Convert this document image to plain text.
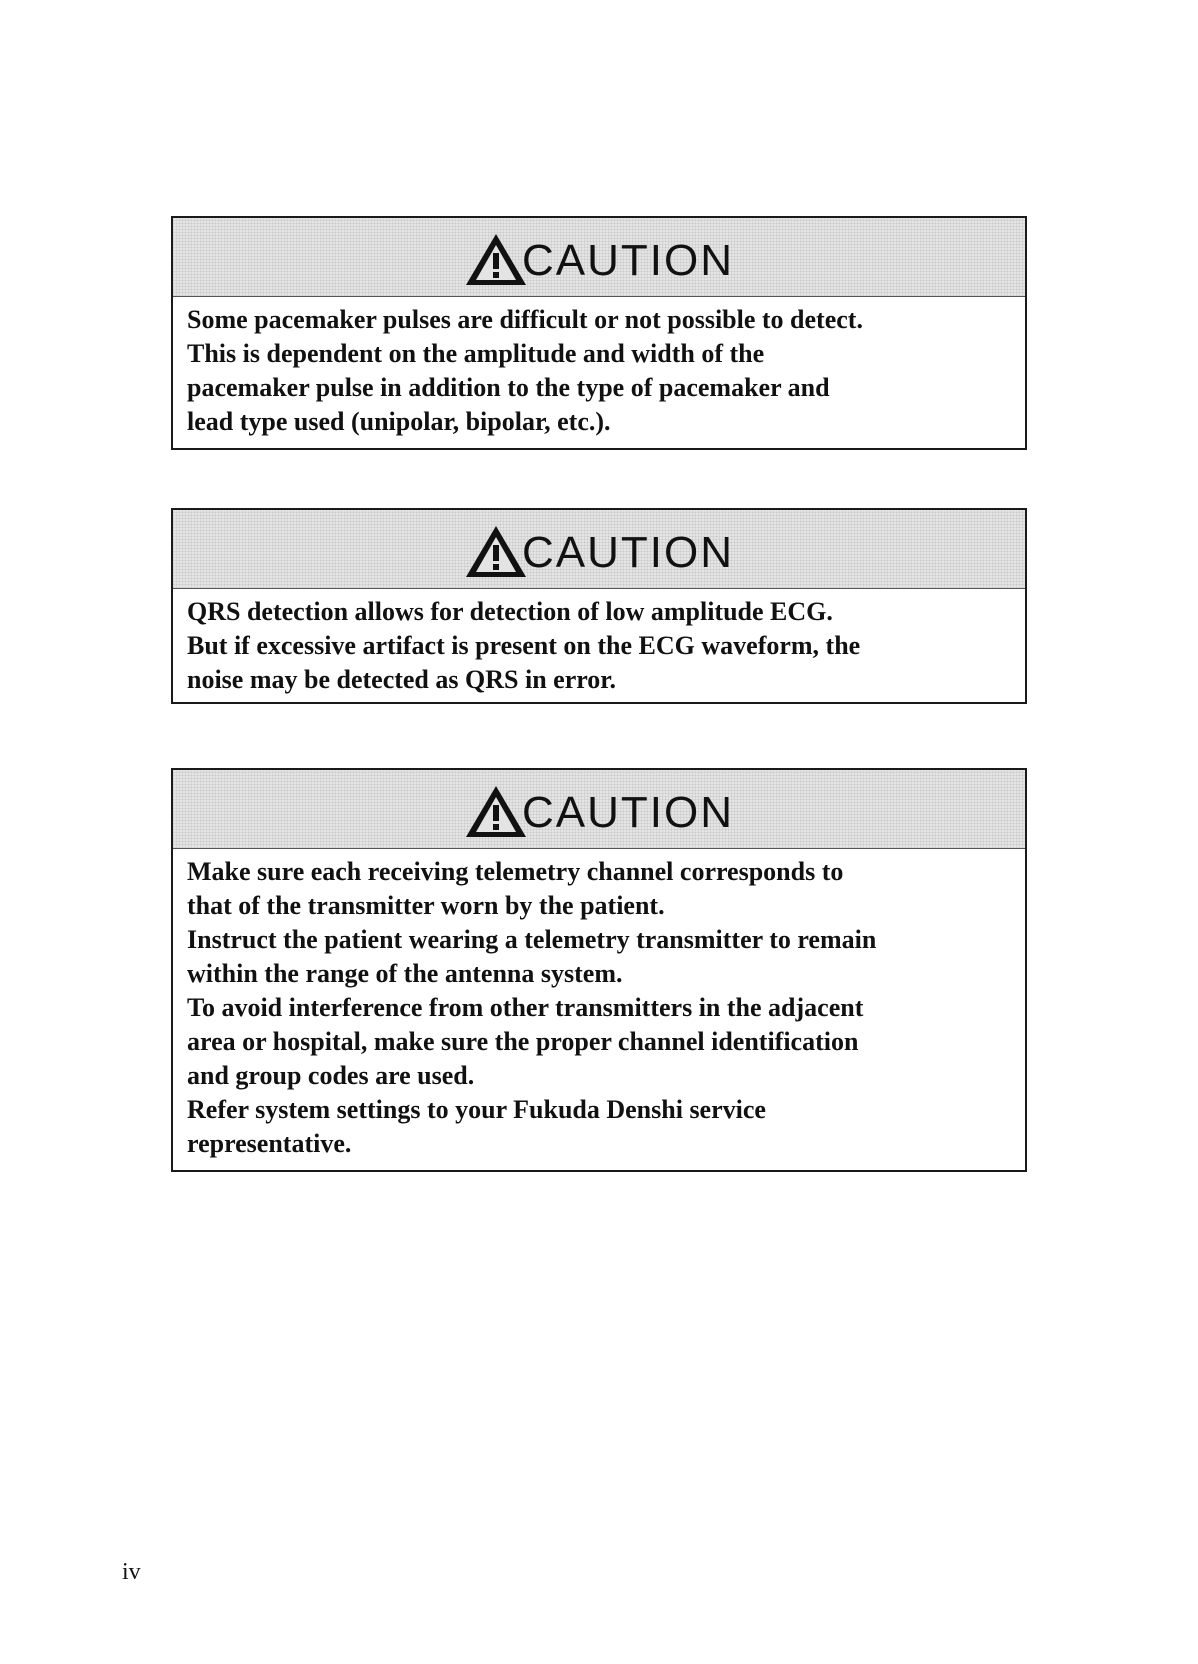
CAUTION
Some pacemaker pulses are difficult or not possible to detect.
This is dependent on the amplitude and width of the
pacemaker pulse in addition to the type of pacemaker and
lead type used (unipolar, bipolar, etc.).
CAUTION
QRS detection allows for detection of low amplitude ECG.
But if excessive artifact is present on the ECG waveform, the
noise may be detected as QRS in error.
CAUTION
Make sure each receiving telemetry channel corresponds to
that of the transmitter worn by the patient.
Instruct the patient wearing a telemetry transmitter to remain
within the range of the antenna system.
To avoid interference from other transmitters in the adjacent
area or hospital, make sure the proper channel identification
and group codes are used.
Refer system settings to your Fukuda Denshi service
representative.
iv
